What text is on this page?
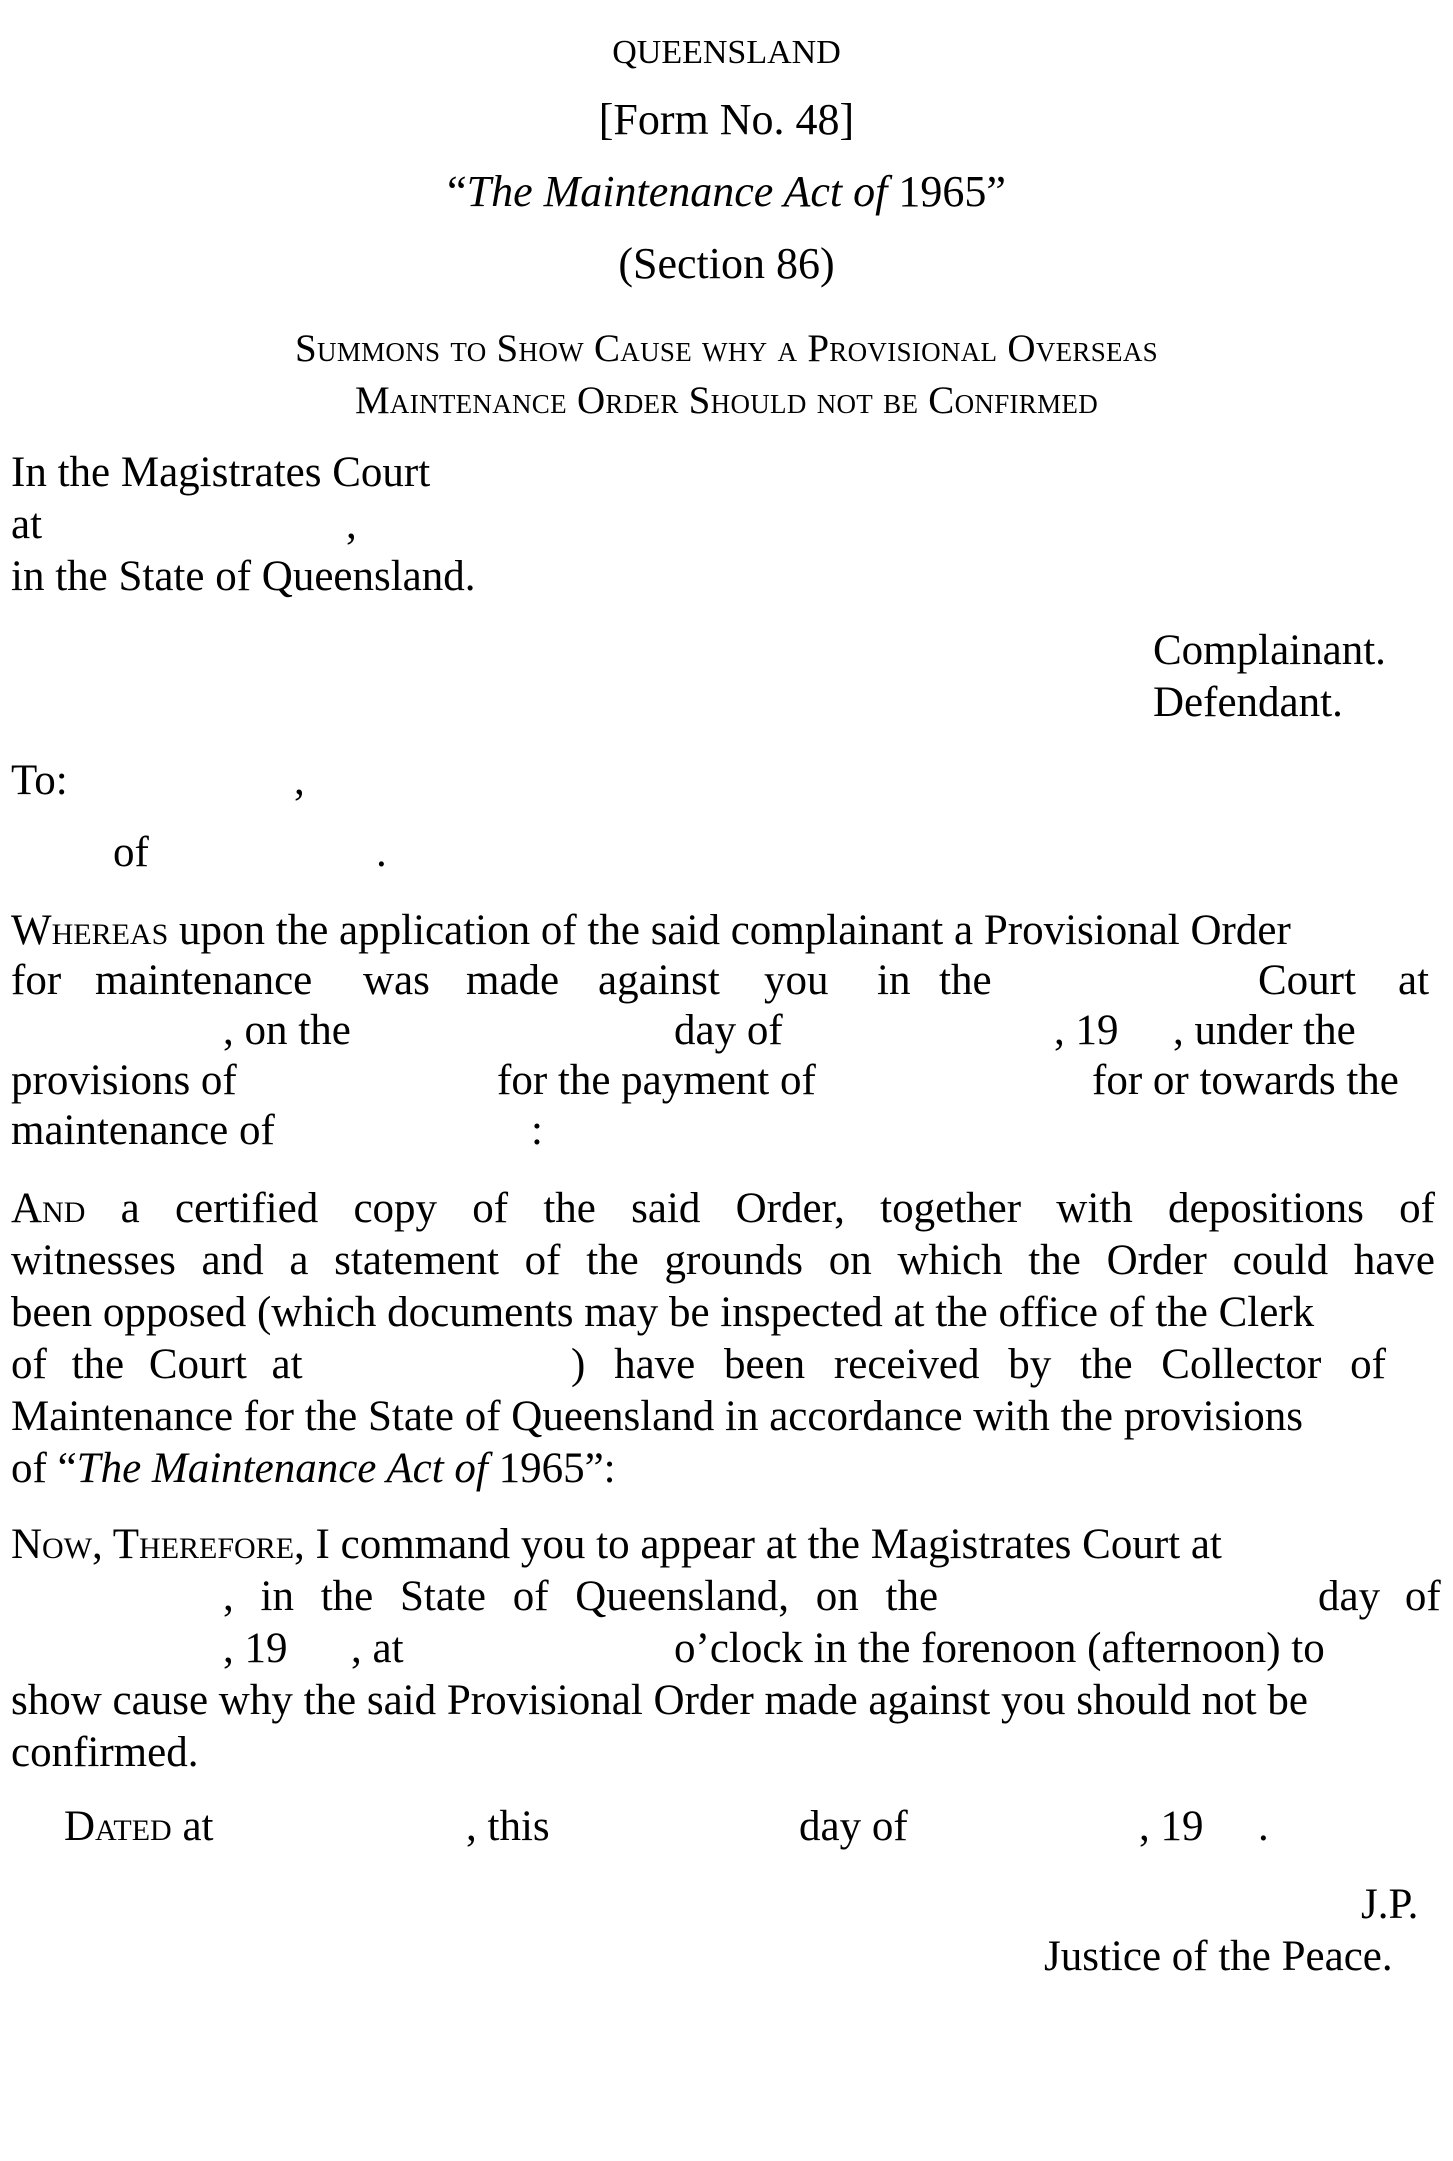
QUEENSLAND
[Form No. 48]
“The Maintenance Act of 1965”
(Section 86)
Summons to Show Cause why a Provisional Overseas
Maintenance Order Should not be Confirmed
In the Magistrates Court
at	,
in the State of Queensland.
Complainant.
Defendant.
To:	,
of	.
Whereas upon the application of the said complainant a Provisional Order
for maintenance was made against you in the	Court at
, on the	day of	, 19 , under the
provisions of	for the payment of	for or towards the
maintenance of	:
And a certified copy of the said Order, together with depositions of
witnesses and a statement of the grounds on which the Order could have
been opposed (which documents may be inspected at the office of the Clerk
of the Court at	) have been received by the Collector of
Maintenance for the State of Queensland in accordance with the provisions
of “The Maintenance Act of 1965”:
Now, Therefore, I command you to appear at the Magistrates Court at
, in the State of Queensland, on the	day of
, 19 , at	o’clock in the forenoon (afternoon) to
show cause why the said Provisional Order made against you should not be
confirmed.
Dated at	, this	day of	, 19 .
J.P.
Justice of the Peace.
